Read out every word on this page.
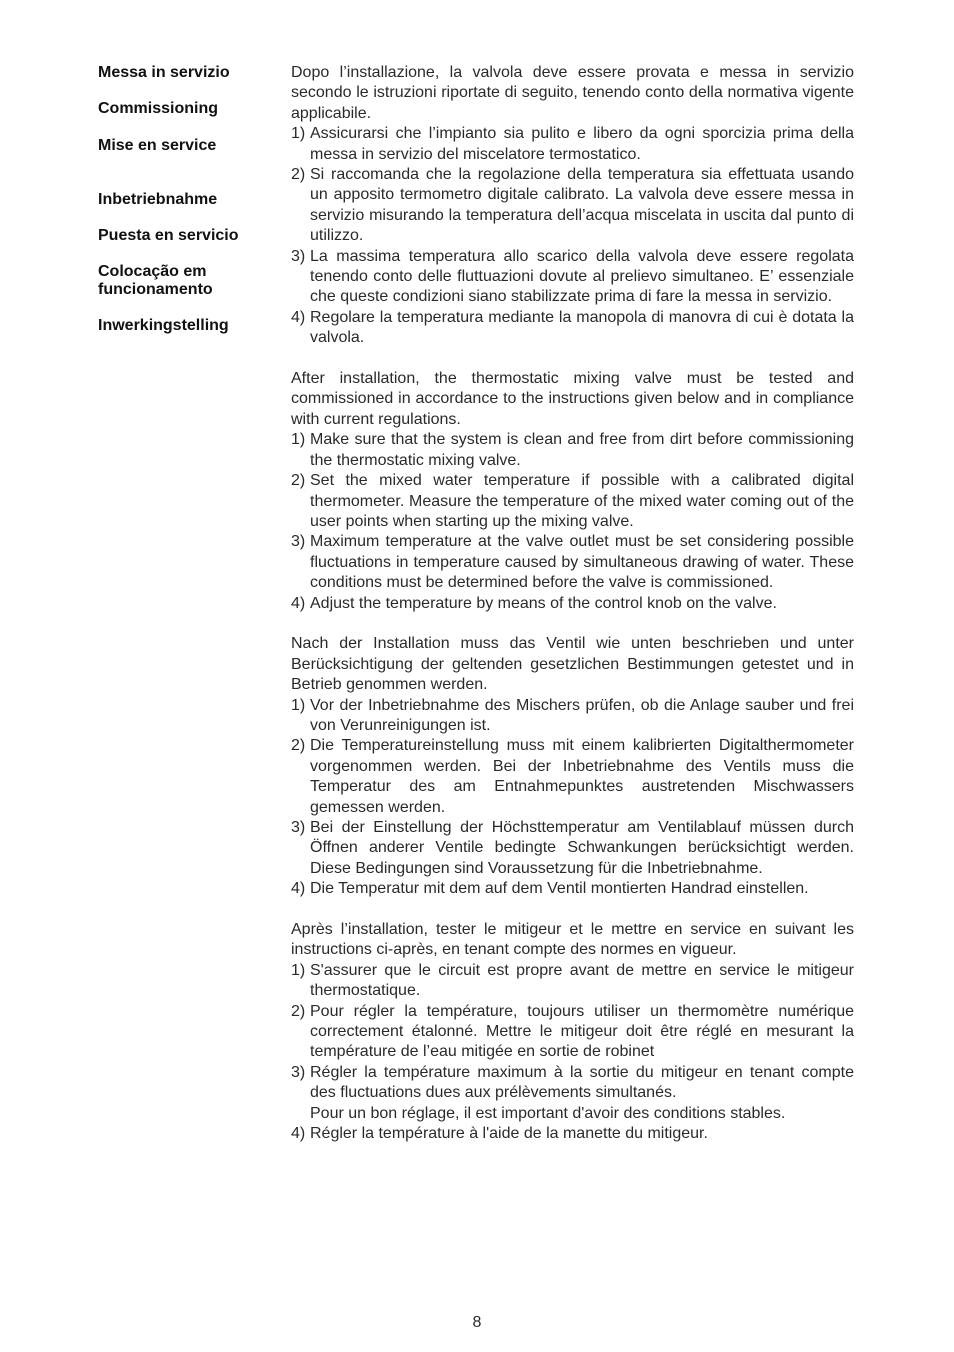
Messa in servizio

Commissioning

Mise en service

Inbetriebnahme

Puesta en servicio

Colocação em funcionamento

Inwerkingstelling

Dopo l’installazione, la valvola deve essere provata e messa in servizio secondo le istruzioni riportate di seguito, tenendo conto della normativa vigente applicabile.

1) Assicurarsi che l’impianto sia pulito e libero da ogni sporcizia prima della messa in servizio del miscelatore termostatico.
2) Si raccomanda che la regolazione della temperatura sia effettuata usando un apposito termometro digitale calibrato. La valvola deve essere messa in servizio misurando la temperatura dell’acqua miscelata in uscita dal punto di utilizzo.
3) La massima temperatura allo scarico della valvola deve essere regolata tenendo conto delle fluttuazioni dovute al prelievo simultaneo. E’ essenziale che queste condizioni siano stabilizzate prima di fare la messa in servizio.
4) Regolare la temperatura mediante la manopola di manovra di cui è dotata la valvola.

After installation, the thermostatic mixing valve must be tested and commissioned in accordance to the instructions given below and in compliance with current regulations.

1) Make sure that the system is clean and free from dirt before commissioning the thermostatic mixing valve.
2) Set the mixed water temperature if possible with a calibrated digital thermometer. Measure the temperature of the mixed water coming out of the user points when starting up the mixing valve.
3) Maximum temperature at the valve outlet must be set considering possible fluctuations in temperature caused by simultaneous drawing of water. These conditions must be determined before the valve is commissioned.
4) Adjust the temperature by means of the control knob on the valve.

Nach der Installation muss das Ventil wie unten beschrieben und unter Berücksichtigung der geltenden gesetzlichen Bestimmungen getestet und in Betrieb genommen werden.

1) Vor der Inbetriebnahme des Mischers prüfen, ob die Anlage sauber und frei von Verunreinigungen ist.
2) Die Temperatureinstellung muss mit einem kalibrierten Digitalthermometer vorgenommen werden. Bei der Inbetriebnahme des Ventils muss die Temperatur des am Entnahmepunktes austretenden Mischwassers gemessen werden.
3) Bei der Einstellung der Höchsttemperatur am Ventilablauf müssen durch Öffnen anderer Ventile bedingte Schwankungen berücksichtigt werden. Diese Bedingungen sind Voraussetzung für die Inbetriebnahme.
4) Die Temperatur mit dem auf dem Ventil montierten Handrad einstellen.

Après l’installation, tester le mitigeur et le mettre en service en suivant les instructions ci-après, en tenant compte des normes en vigueur.

1) S'assurer que le circuit est propre avant de mettre en service le mitigeur thermostatique.
2) Pour régler la température, toujours utiliser un thermomètre numérique correctement étalonné. Mettre le mitigeur doit être réglé en mesurant la température de l’eau mitigée en sortie de robinet
3) Régler la température maximum à la sortie du mitigeur en tenant compte des fluctuations dues aux prélèvements simultanés.
Pour un bon réglage, il est important d'avoir des conditions stables.
4) Régler la température à l'aide de la manette du mitigeur.
8
